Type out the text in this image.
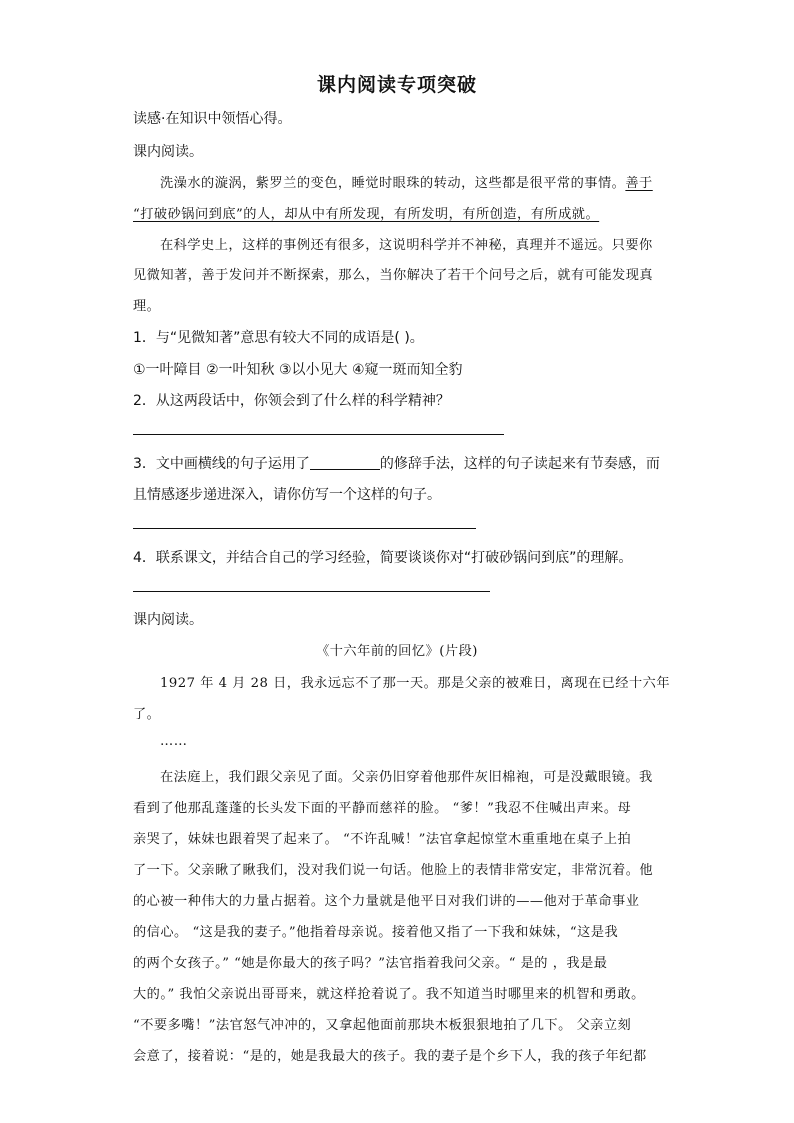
课内阅读专项突破
读感·在知识中领悟心得。
课内阅读。
洗澡水的漩涡，紫罗兰的变色，睡觉时眼珠的转动，这些都是很平常的事情。善于
“打破砂锅问到底”的人，却从中有所发现，有所发明，有所创造，有所成就。
在科学史上，这样的事例还有很多，这说明科学并不神秘，真理并不遥远。只要你
见微知著，善于发问并不断探索，那么，当你解决了若干个问号之后，就有可能发现真
理。
1．与“见微知著”意思有较大不同的成语是( )。
①一叶障目 ②一叶知秋 ③以小见大 ④窥一斑而知全豹
2．从这两段话中，你领会到了什么样的科学精神？
3．文中画横线的句子运用了	的修辞手法，这样的句子读起来有节奏感，而
且情感逐步递进深入，请你仿写一个这样的句子。
4．联系课文，并结合自己的学习经验，简要谈谈你对“打破砂锅问到底”的理解。
课内阅读。
《十六年前的回忆》(片段)
1927 年 4 月 28 日，我永远忘不了那一天。那是父亲的被难日，离现在已经十六年
了。
……
在法庭上，我们跟父亲见了面。父亲仍旧穿着他那件灰旧棉袍，可是没戴眼镜。我
看到了他那乱蓬蓬的长头发下面的平静而慈祥的脸。 “爹！”我忍不住喊出声来。母
亲哭了，妹妹也跟着哭了起来了。 “不许乱喊！”法官拿起惊堂木重重地在桌子上拍
了一下。父亲瞅了瞅我们，没对我们说一句话。他脸上的表情非常安定，非常沉着。他
的心被一种伟大的力量占据着。这个力量就是他平日对我们讲的——他对于革命事业
的信心。 “这是我的妻子。”他指着母亲说。接着他又指了一下我和妹妹，“这是我
的两个女孩子。” “她是你最大的孩子吗？”法官指着我问父亲。“ 是的 ，我是最
大的。” 我怕父亲说出哥哥来，就这样抢着说了。我不知道当时哪里来的机智和勇敢。
“不要多嘴！”法官怒气冲冲的，又拿起他面前那块木板狠狠地拍了几下。 父亲立刻
会意了，接着说：“是的，她是我最大的孩子。我的妻子是个乡下人，我的孩子年纪都
